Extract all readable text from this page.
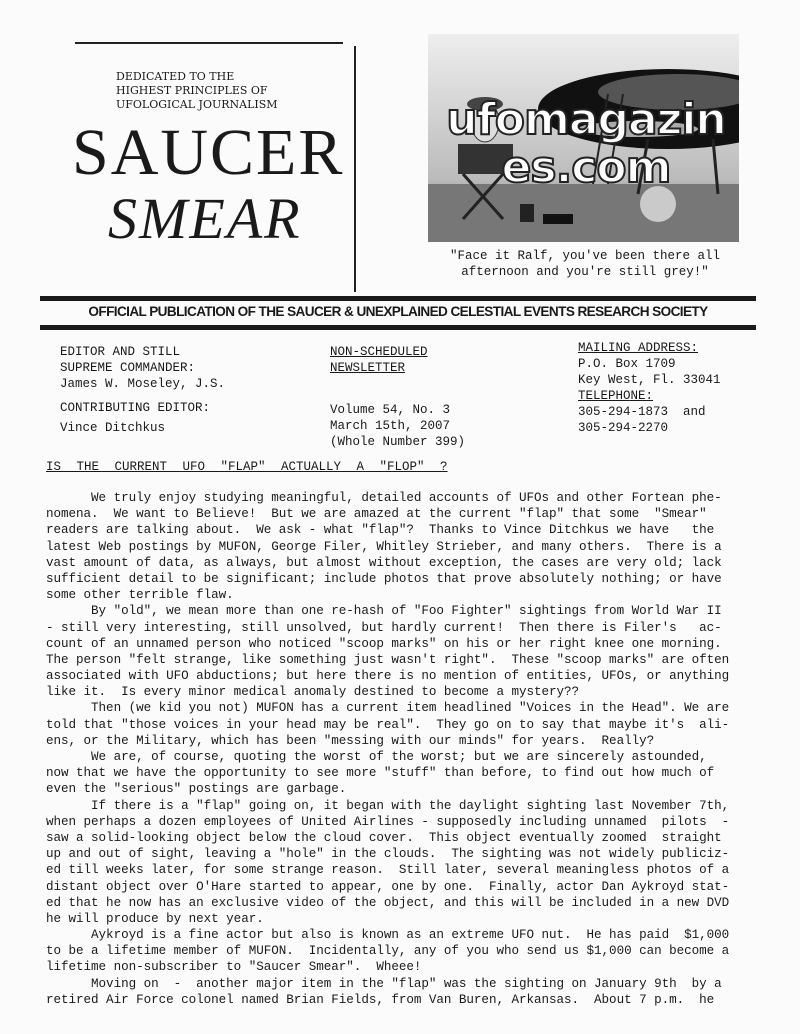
DEDICATED TO THE
HIGHEST PRINCIPLES OF
UFOLOGICAL JOURNALISM
SAUCER
SMEAR
ufomagazines.com
"Face it Ralf, you've been there all
afternoon and you're still grey!"
OFFICIAL PUBLICATION OF THE SAUCER & UNEXPLAINED CELESTIAL EVENTS RESEARCH SOCIETY
EDITOR AND STILL
SUPREME COMMANDER:
James W. Moseley, J.S.
CONTRIBUTING EDITOR:
Vince Ditchkus
NON-SCHEDULED
NEWSLETTER
Volume 54, No. 3
March 15th, 2007
(Whole Number 399)
MAILING ADDRESS:
P.O. Box 1709
Key West, Fl. 33041
TELEPHONE:
305-294-1873  and
305-294-2270
IS THE CURRENT UFO "FLAP" ACTUALLY A "FLOP" ?
We truly enjoy studying meaningful, detailed accounts of UFOs and other Fortean phe-
nomena.  We want to Believe!  But we are amazed at the current "flap" that some  "Smear"
readers are talking about.  We ask - what "flap"?  Thanks to Vince Ditchkus we have   the
latest Web postings by MUFON, George Filer, Whitley Strieber, and many others.  There is a
vast amount of data, as always, but almost without exception, the cases are very old; lack
sufficient detail to be significant; include photos that prove absolutely nothing; or have
some other terrible flaw.
By "old", we mean more than one re-hash of "Foo Fighter" sightings from World War II
- still very interesting, still unsolved, but hardly current!  Then there is Filer's   ac-
count of an unnamed person who noticed "scoop marks" on his or her right knee one morning.
The person "felt strange, like something just wasn't right".  These "scoop marks" are often
associated with UFO abductions; but here there is no mention of entities, UFOs, or anything
like it.  Is every minor medical anomaly destined to become a mystery??
Then (we kid you not) MUFON has a current item headlined "Voices in the Head". We are
told that "those voices in your head may be real".  They go on to say that maybe it's  ali-
ens, or the Military, which has been "messing with our minds" for years.  Really?
We are, of course, quoting the worst of the worst; but we are sincerely astounded,
now that we have the opportunity to see more "stuff" than before, to find out how much of
even the "serious" postings are garbage.
If there is a "flap" going on, it began with the daylight sighting last November 7th,
when perhaps a dozen employees of United Airlines - supposedly including unnamed  pilots  -
saw a solid-looking object below the cloud cover.  This object eventually zoomed  straight
up and out of sight, leaving a "hole" in the clouds.  The sighting was not widely publiciz-
ed till weeks later, for some strange reason.  Still later, several meaningless photos of a
distant object over O'Hare started to appear, one by one.  Finally, actor Dan Aykroyd stat-
ed that he now has an exclusive video of the object, and this will be included in a new DVD
he will produce by next year.
Aykroyd is a fine actor but also is known as an extreme UFO nut.  He has paid  $1,000
to be a lifetime member of MUFON.  Incidentally, any of you who send us $1,000 can become a
lifetime non-subscriber to "Saucer Smear".  Wheee!
Moving on  -  another major item in the "flap" was the sighting on January 9th  by a
retired Air Force colonel named Brian Fields, from Van Buren, Arkansas.  About 7 p.m.  he
